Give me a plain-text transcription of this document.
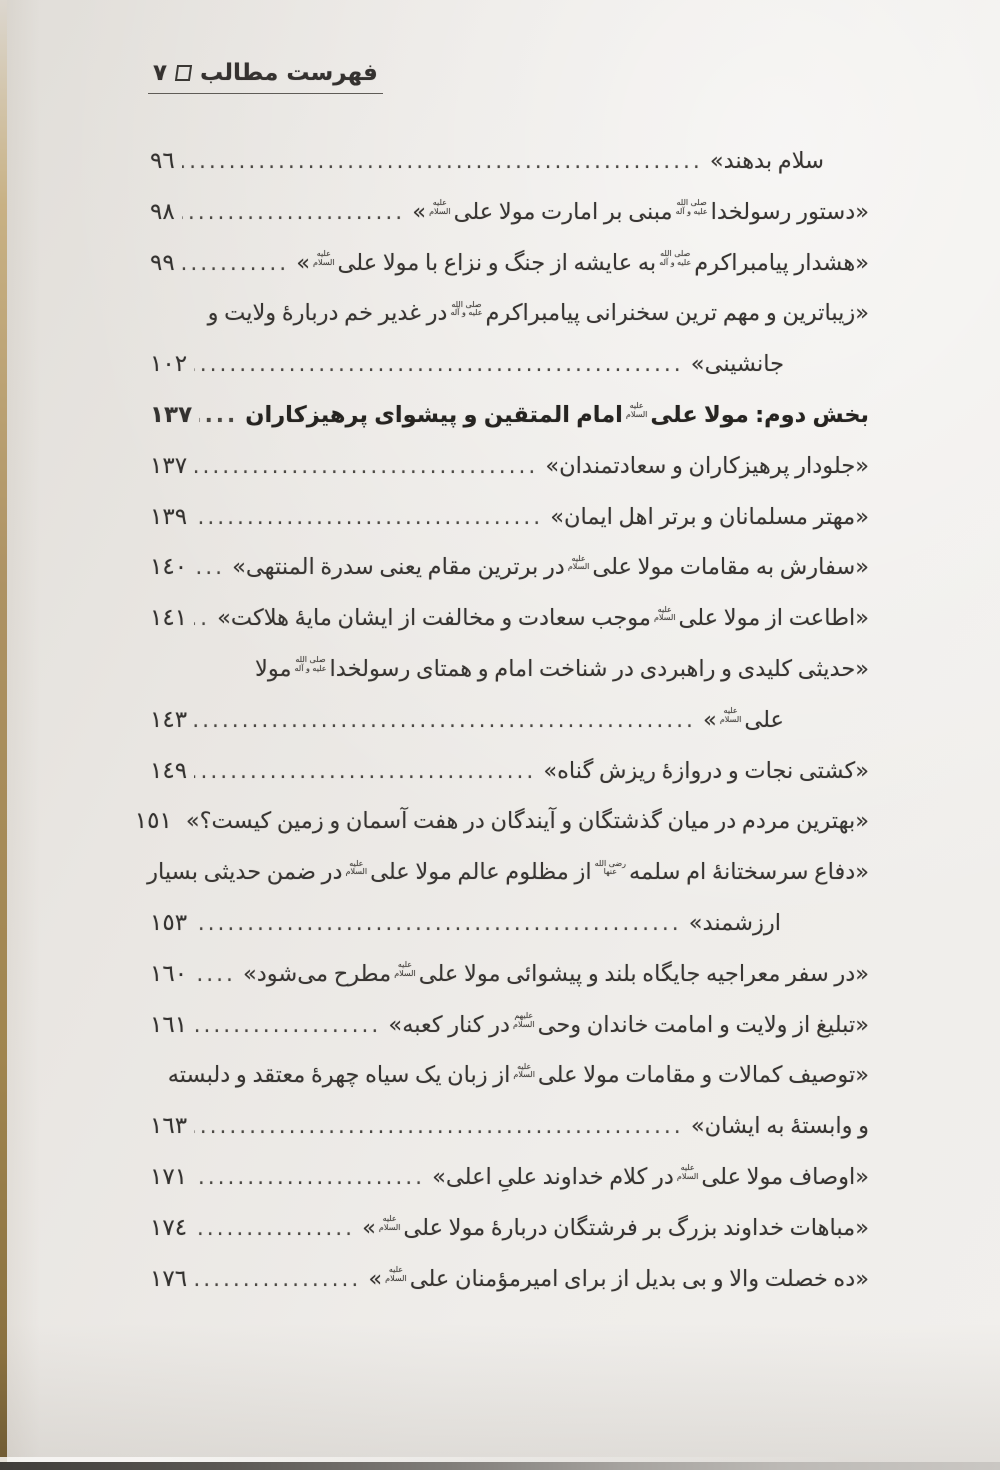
فهرست مطالب
٧
سلام بدهند»
.....
٩٦
«دستور رسولخدا
صلی الله
علیه و آله
مبنی بر امارت مولا علی
علیه
السلام
»
.....
٩٨
«هشدار پیامبراکرم
صلی الله
علیه و آله
به عایشه از جنگ و نزاع با مولا علی
علیه
السلام
»
.....
٩٩
«زیباترین و مهم ترین سخنرانی پیامبراکرم
صلی الله
علیه و آله
در غدیر خم دربارهٔ ولایت و
جانشینی»
.....
١٠٢
بخش دوم: مولا علی
علیه
السلام
امام المتقین و پیشوای پرهیزکاران
.....
١٣٧
«جلودار پرهیزکاران و سعادتمندان»
.....
١٣٧
«مهتر مسلمانان و برتر اهل ایمان»
.....
١٣٩
«سفارش به مقامات مولا علی
علیه
السلام
در برترین مقام یعنی سدرة المنتهی»
.....
١٤٠
«اطاعت از مولا علی
علیه
السلام
موجب سعادت و مخالفت از ایشان مایهٔ هلاکت»
.....
١٤١
«حدیثی کلیدی و راهبردی در شناخت امام و همتای رسولخدا
صلی الله
علیه و آله
مولا
علی
علیه
السلام
»
.....
١٤٣
«کشتی نجات و دروازهٔ ریزش گناه»
.....
١٤٩
«بهترین مردم در میان گذشتگان و آیندگان در هفت آسمان و زمین کیست؟»
١٥١
«دفاع سرسختانهٔ ام سلمه
رضی الله
عنها
از مظلوم عالم مولا علی
علیه
السلام
در ضمن حدیثی بسیار
ارزشمند»
.....
١٥٣
«در سفر معراجیه جایگاه بلند و پیشوائی مولا علی
علیه
السلام
مطرح می‌شود»
.....
١٦٠
«تبلیغ از ولایت و امامت خاندان وحی
علیهم
السلام
در کنار کعبه»
.....
١٦١
«توصیف کمالات و مقامات مولا علی
علیه
السلام
از زبان یک سیاه چهرهٔ معتقد و دلبسته
و وابستهٔ به ایشان»
.....
١٦٣
«اوصاف مولا علی
علیه
السلام
در کلام خداوند علیِ اعلی»
.....
١٧١
«مباهات خداوند بزرگ بر فرشتگان دربارهٔ مولا علی
علیه
السلام
»
.....
١٧٤
«ده خصلت والا و بی بدیل از برای امیرمؤمنان علی
علیه
السلام
»
.....
١٧٦
